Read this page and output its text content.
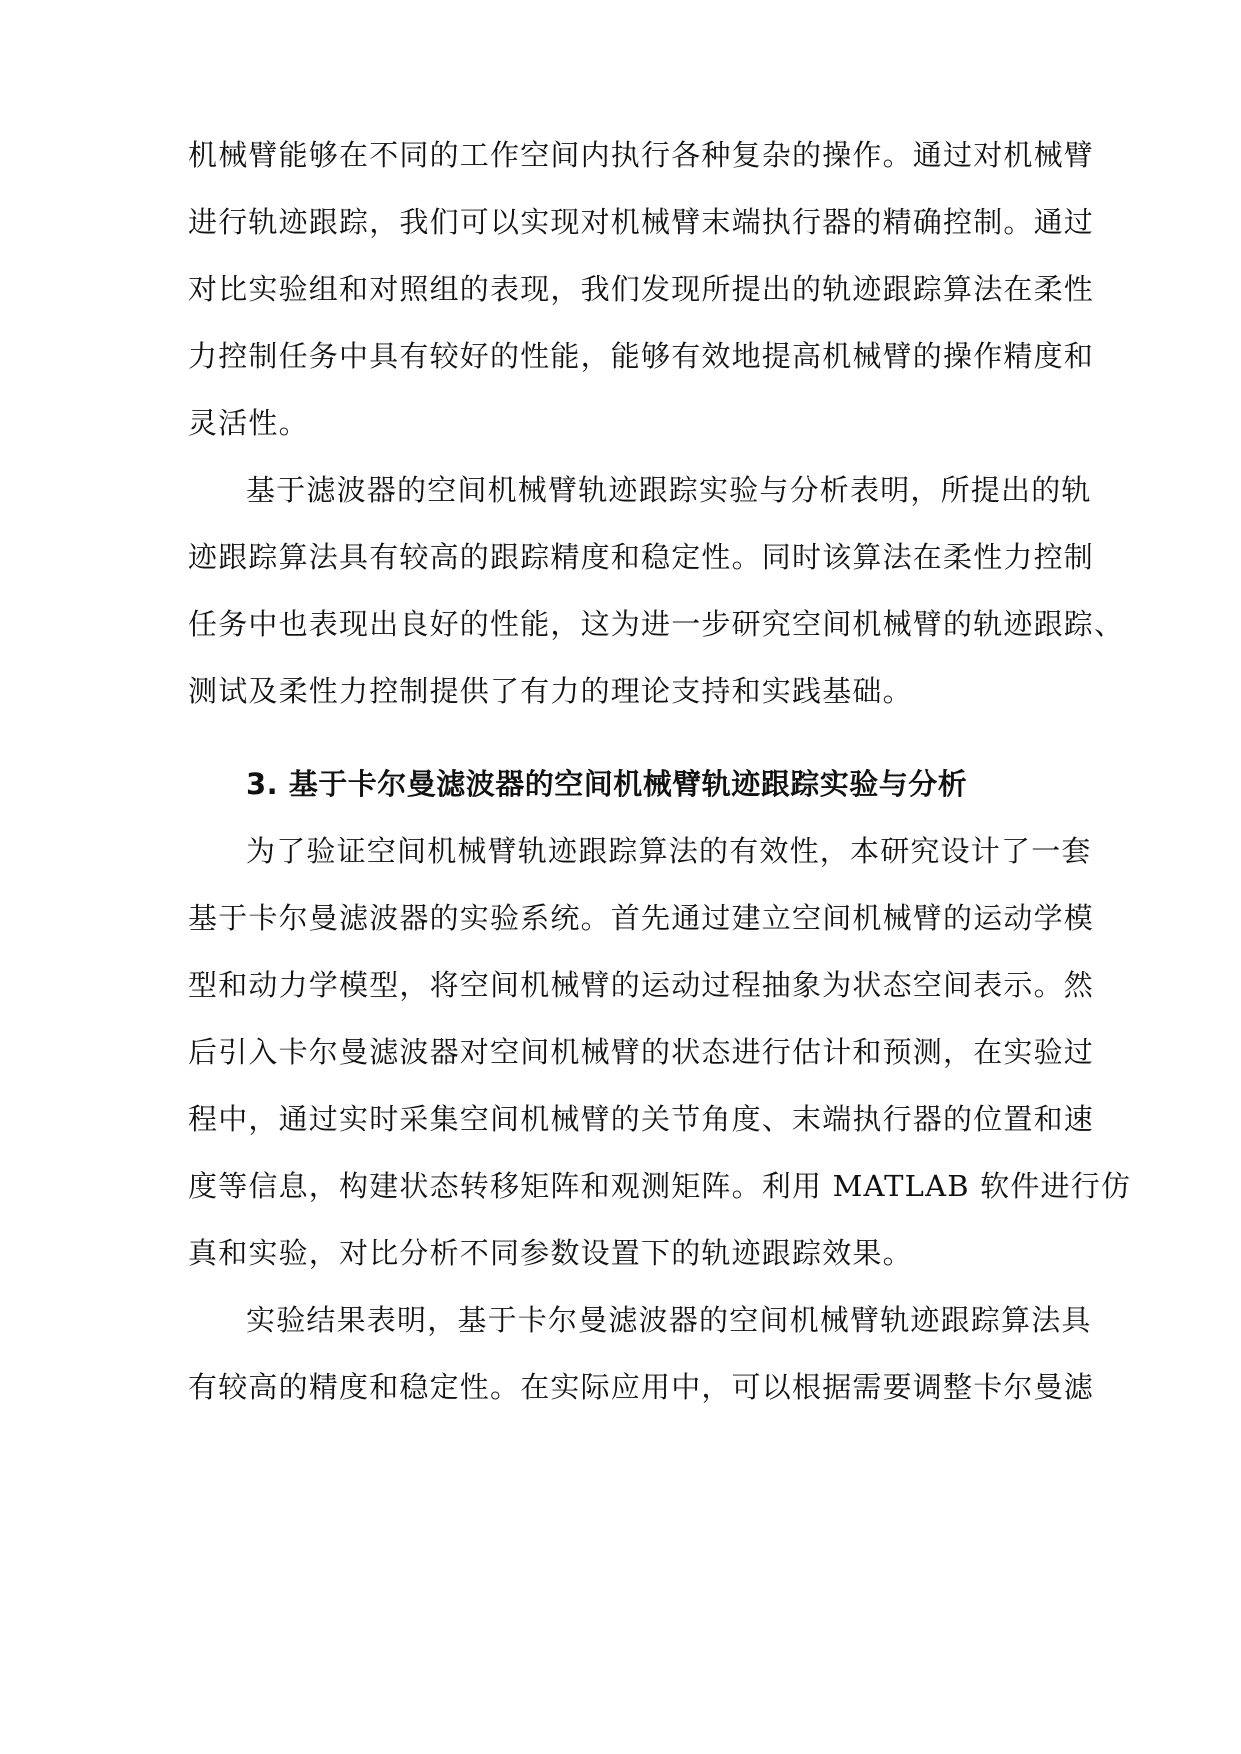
机械臂能够在不同的工作空间内执行各种复杂的操作。通过对机械臂
进行轨迹跟踪，我们可以实现对机械臂末端执行器的精确控制。通过
对比实验组和对照组的表现，我们发现所提出的轨迹跟踪算法在柔性
力控制任务中具有较好的性能，能够有效地提高机械臂的操作精度和
灵活性。
基于滤波器的空间机械臂轨迹跟踪实验与分析表明，所提出的轨
迹跟踪算法具有较高的跟踪精度和稳定性。同时该算法在柔性力控制
任务中也表现出良好的性能，这为进一步研究空间机械臂的轨迹跟踪、
测试及柔性力控制提供了有力的理论支持和实践基础。
3. 基于卡尔曼滤波器的空间机械臂轨迹跟踪实验与分析
为了验证空间机械臂轨迹跟踪算法的有效性，本研究设计了一套
基于卡尔曼滤波器的实验系统。首先通过建立空间机械臂的运动学模
型和动力学模型，将空间机械臂的运动过程抽象为状态空间表示。然
后引入卡尔曼滤波器对空间机械臂的状态进行估计和预测，在实验过
程中，通过实时采集空间机械臂的关节角度、末端执行器的位置和速
度等信息，构建状态转移矩阵和观测矩阵。利用 MATLAB 软件进行仿
真和实验，对比分析不同参数设置下的轨迹跟踪效果。
实验结果表明，基于卡尔曼滤波器的空间机械臂轨迹跟踪算法具
有较高的精度和稳定性。在实际应用中，可以根据需要调整卡尔曼滤
